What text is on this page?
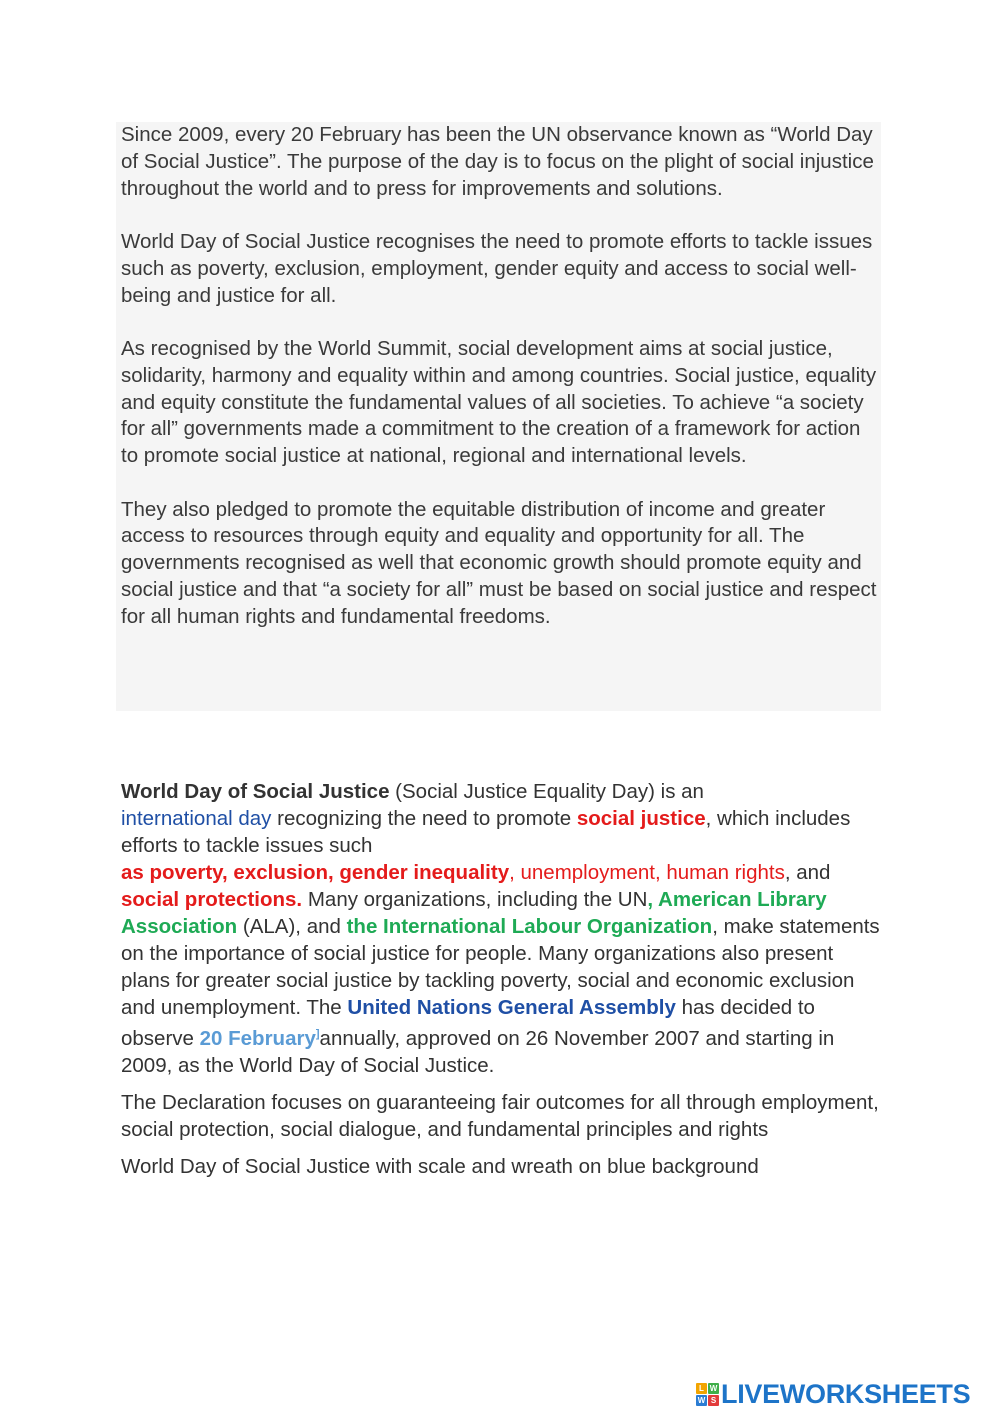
Since 2009, every 20 February has been the UN observance known as “World Day of Social Justice”. The purpose of the day is to focus on the plight of social injustice throughout the world and to press for improvements and solutions.

World Day of Social Justice recognises the need to promote efforts to tackle issues such as poverty, exclusion, employment, gender equity and access to social well-being and justice for all.

As recognised by the World Summit, social development aims at social justice, solidarity, harmony and equality within and among countries. Social justice, equality and equity constitute the fundamental values of all societies. To achieve “a society for all” governments made a commitment to the creation of a framework for action to promote social justice at national, regional and international levels.

They also pledged to promote the equitable distribution of income and greater access to resources through equity and equality and opportunity for all. The governments recognised as well that economic growth should promote equity and social justice and that “a society for all” must be based on social justice and respect for all human rights and fundamental freedoms.

World Day of Social Justice (Social Justice Equality Day) is an
international day recognizing the need to promote social justice, which includes efforts to tackle issues such
as poverty, exclusion, gender inequality, unemployment, human rights, and social protections. Many organizations, including the UN, American Library Association (ALA), and the International Labour Organization, make statements on the importance of social justice for people. Many organizations also present plans for greater social justice by tackling poverty, social and economic exclusion and unemployment. The United Nations General Assembly has decided to observe 20 February]annually, approved on 26 November 2007 and starting in 2009, as the World Day of Social Justice.

The Declaration focuses on guaranteeing fair outcomes for all through employment, social protection, social dialogue, and fundamental principles and rights

World Day of Social Justice with scale and wreath on blue background

L W
W S LIVEWORKSHEETS
